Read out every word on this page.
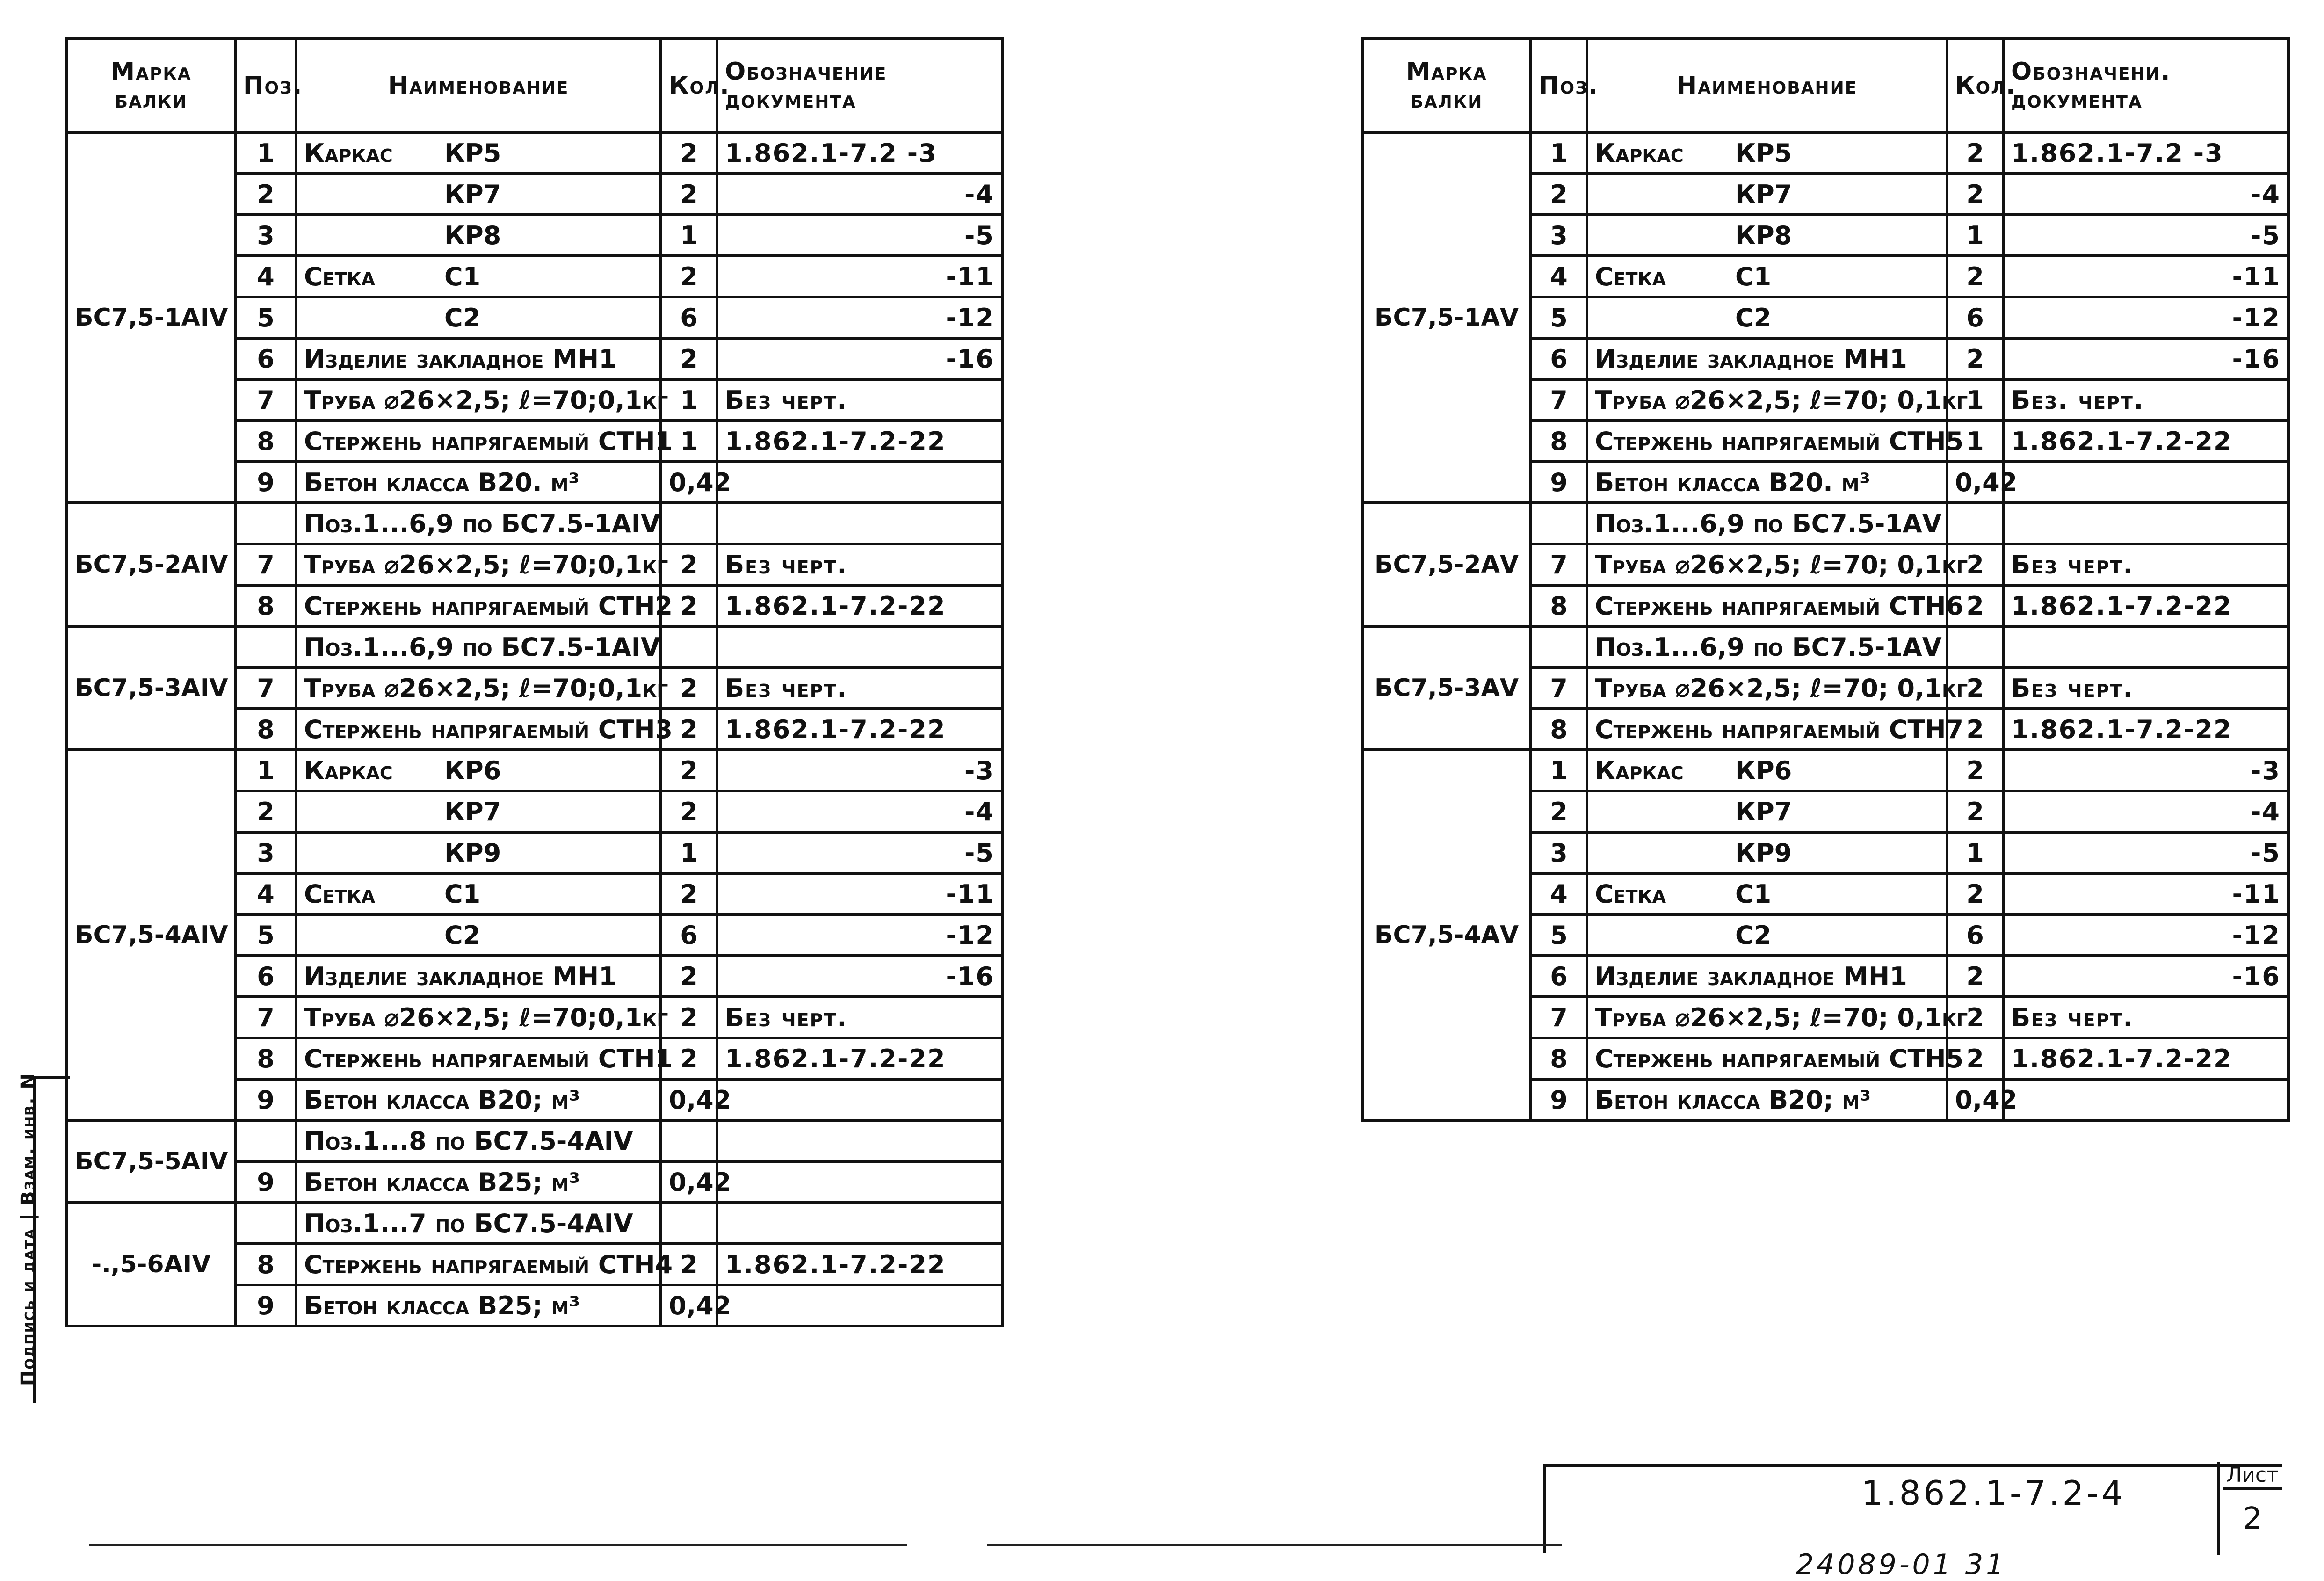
Марка балки	Поз.	Наименование	Кол.	Обозначение документа
БС7,5-1АIV	1	Каркас КР5	2	1.862.1-7.2 -3
	2	КР7	2	-4
	3	КР8	1	-5
	4	Сетка С1	2	-11
	5	С2	6	-12
	6	Изделие закладное МН1	2	-16
	7	Труба ⌀26×2,5; ℓ=70;0,1кг	1	Без черт.
	8	Стержень напрягаемый СТН1	1	1.862.1-7.2-22
	9	Бетон класса В20. м³	0,42	
БС7,5-2АIV		Поз.1...6,9 по БС7.5-1АIV		

	7	Труба ⌀26×2,5; ℓ=70;0,1кг	2	Без черт.
	8	Стержень напрягаемый СТН2	2	1.862.1-7.2-22
БС7,5-3АIV		Поз.1...6,9 по БС7.5-1АIV		

	7	Труба ⌀26×2,5; ℓ=70;0,1кг	2	Без черт.
	8	Стержень напрягаемый СТН3	2	1.862.1-7.2-22
БС7,5-4АIV	1	Каркас КР6	2	-3
	2	КР7	2	-4
	3	КР9	1	-5
	4	Сетка С1	2	-11
	5	С2	6	-12
	6	Изделие закладное МН1	2	-16
	7	Труба ⌀26×2,5; ℓ=70;0,1кг	2	Без черт.
	8	Стержень напрягаемый СТН1	2	1.862.1-7.2-22
	9	Бетон класса В20; м³	0,42	
БС7,5-5АIV		Поз.1...8 по БС7.5-4АIV		

	9	Бетон класса В25; м³	0,42	
-.,5-6АIV		Поз.1...7 по БС7.5-4АIV		

	8	Стержень напрягаемый СТН4	2	1.862.1-7.2-22
	9	Бетон класса В25; м³	0,42	
Марка балки	Поз.	Наименование	Кол.	Обозначени. документа
БС7,5-1АV	1	Каркас КР5	2	1.862.1-7.2 -3
	2	КР7	2	-4
	3	КР8	1	-5
	4	Сетка С1	2	-11
	5	С2	6	-12
	6	Изделие закладное МН1	2	-16
	7	Труба ⌀26×2,5; ℓ=70; 0,1кг	1	Без. черт.
	8	Стержень напрягаемый СТН5	1	1.862.1-7.2-22
	9	Бетон класса В20. м³	0,42	
БС7,5-2АV		Поз.1...6,9 по БС7.5-1АV		

	7	Труба ⌀26×2,5; ℓ=70; 0,1кг	2	Без черт.
	8	Стержень напрягаемый СТН6	2	1.862.1-7.2-22
БС7,5-3АV		Поз.1...6,9 по БС7.5-1АV		

	7	Труба ⌀26×2,5; ℓ=70; 0,1кг	2	Без черт.
	8	Стержень напрягаемый СТН7	2	1.862.1-7.2-22
БС7,5-4АV	1	Каркас КР6	2	-3
	2	КР7	2	-4
	3	КР9	1	-5
	4	Сетка С1	2	-11
	5	С2	6	-12
	6	Изделие закладное МН1	2	-16
	7	Труба ⌀26×2,5; ℓ=70; 0,1кг	2	Без черт.
	8	Стержень напрягаемый СТН5	2	1.862.1-7.2-22
	9	Бетон класса В20; м³	0,42	
1.862.1-7.2-4	Лист
2
24089-01 31
Подпись и дата | Взам. инв. N
